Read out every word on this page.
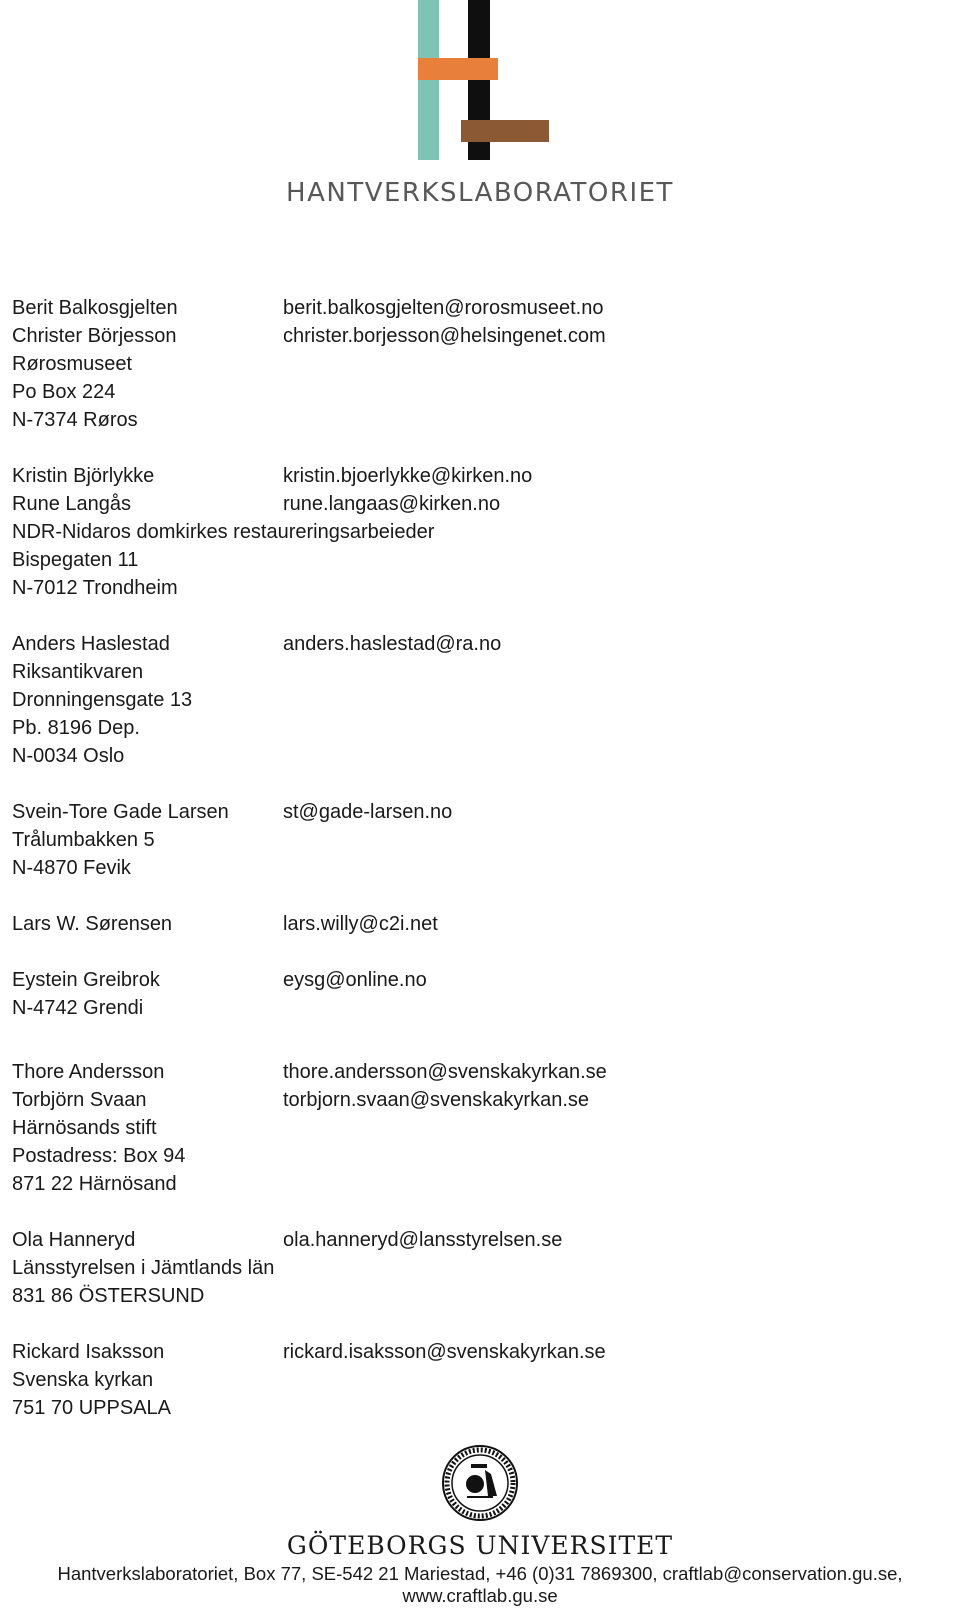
HANTVERKSLABORATORIET
Berit Balkosgjelten	berit.balkosgjelten@rorosmuseet.no
Christer Börjesson	christer.borjesson@helsingenet.com
Rørosmuseet
Po Box 224
N-7374 Røros
Kristin Björlykke	kristin.bjoerlykke@kirken.no
Rune Langås	rune.langaas@kirken.no
NDR-Nidaros domkirkes restaureringsarbeieder
Bispegaten 11
N-7012 Trondheim
Anders Haslestad	anders.haslestad@ra.no
Riksantikvaren
Dronningensgate 13
Pb. 8196 Dep.
N-0034 Oslo
Svein-Tore Gade Larsen	st@gade-larsen.no
Trålumbakken 5
N-4870 Fevik
Lars W. Sørensen	lars.willy@c2i.net
Eystein Greibrok	eysg@online.no
N-4742 Grendi
Thore Andersson	thore.andersson@svenskakyrkan.se
Torbjörn Svaan	torbjorn.svaan@svenskakyrkan.se
Härnösands stift
Postadress: Box 94
871 22 Härnösand
Ola Hanneryd	ola.hanneryd@lansstyrelsen.se
Länsstyrelsen i Jämtlands län
831 86 ÖSTERSUND
Rickard Isaksson	rickard.isaksson@svenskakyrkan.se
Svenska kyrkan
751 70 UPPSALA
GÖTEBORGS UNIVERSITET
Hantverkslaboratoriet, Box 77, SE-542 21 Mariestad, +46 (0)31 7869300, craftlab@conservation.gu.se,
www.craftlab.gu.se
